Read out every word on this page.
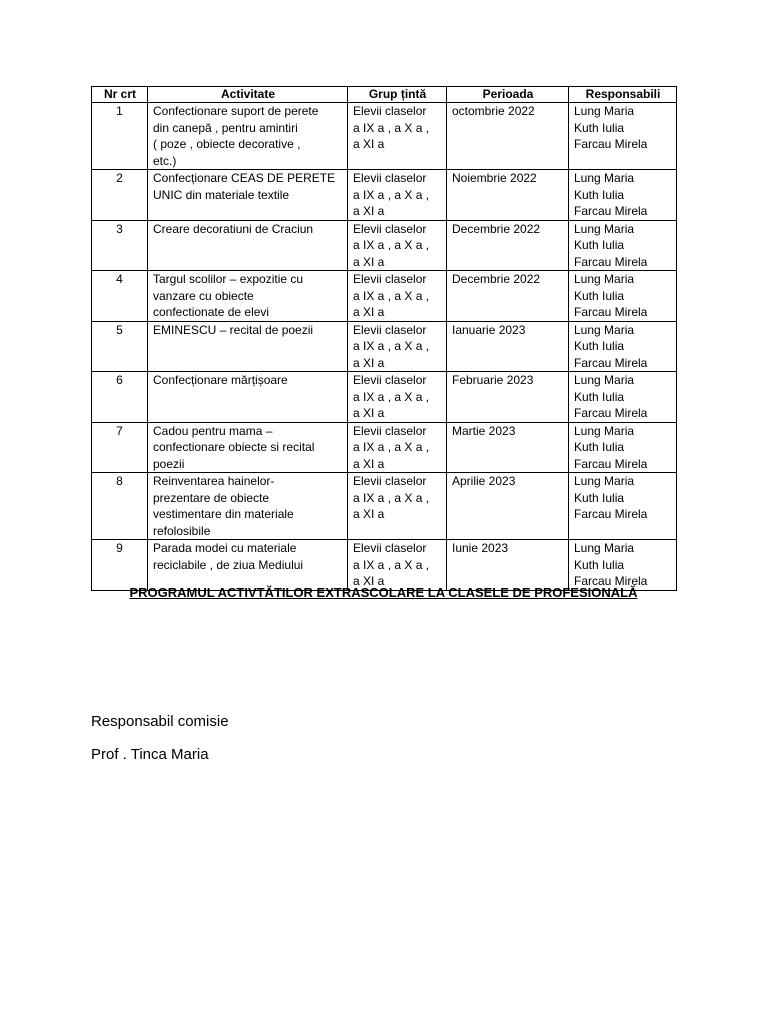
Nr crt	Activitate	Grup țintă	Perioada	Responsabili
1	Confectionare suport de perete
din canepă , pentru amintiri
( poze , obiecte decorative ,
etc.)	Elevii claselor
a IX a , a X a ,
a XI a	octombrie 2022	Lung Maria
Kuth Iulia
Farcau Mirela

2	Confecționare CEAS DE PERETE
UNIC din materiale textile	Elevii claselor
a IX a , a X a ,
a XI a	Noiembrie 2022	Lung Maria
Kuth Iulia
Farcau Mirela

3	Creare decoratiuni de Craciun	Elevii claselor
a IX a , a X a ,
a XI a	Decembrie 2022	Lung Maria
Kuth Iulia
Farcau Mirela

4	Targul scolilor – expozitie cu
vanzare cu obiecte
confectionate de elevi	Elevii claselor
a IX a , a X a ,
a XI a	Decembrie 2022	Lung Maria
Kuth Iulia
Farcau Mirela

5	EMINESCU – recital de poezii	Elevii claselor
a IX a , a X a ,
a XI a	Ianuarie 2023	Lung Maria
Kuth Iulia
Farcau Mirela

6	Confecționare mărțișoare	Elevii claselor
a IX a , a X a ,
a XI a	Februarie 2023	Lung Maria
Kuth Iulia
Farcau Mirela

7	Cadou pentru mama –
confectionare obiecte si recital
poezii	Elevii claselor
a IX a , a X a ,
a XI a	Martie 2023	Lung Maria
Kuth Iulia
Farcau Mirela

8	Reinventarea hainelor-
prezentare de obiecte
vestimentare din materiale
refolosibile	Elevii claselor
a IX a , a X a ,
a XI a	Aprilie 2023	Lung Maria
Kuth Iulia
Farcau Mirela

9	Parada modei cu materiale
reciclabile , de ziua Mediului	Elevii claselor
a IX a , a X a ,
a XI a	Iunie 2023	Lung Maria
Kuth Iulia
Farcau Mirela
PROGRAMUL ACTIVTĂTILOR EXTRASCOLARE LA CLASELE DE PROFESIONALĂ
Responsabil comisie
Prof . Tinca Maria
